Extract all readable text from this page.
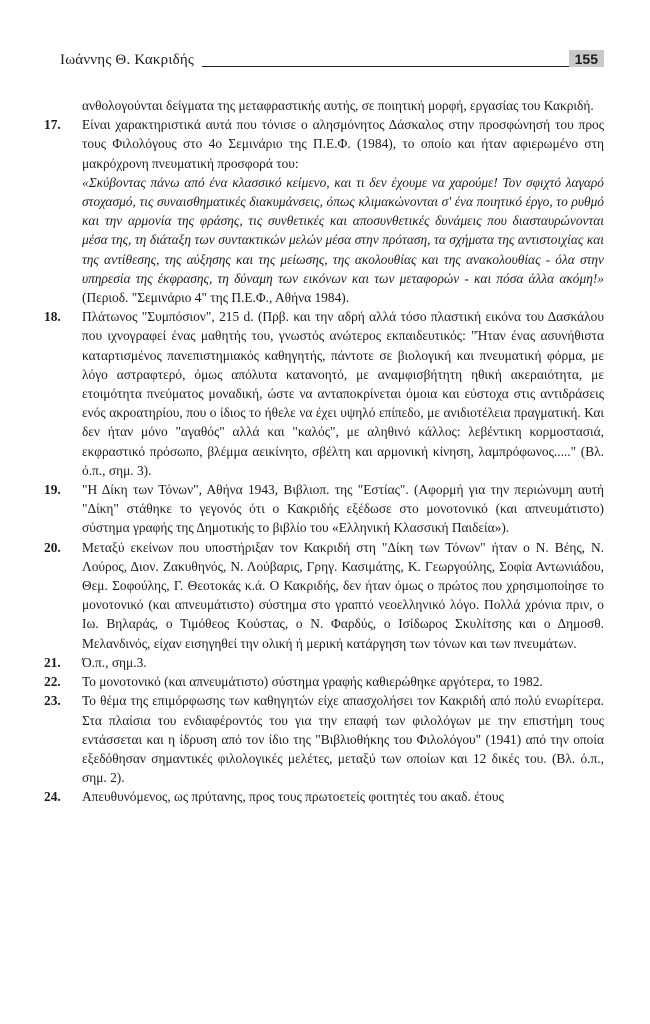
Ιωάννης Θ. Κακριδής	155

ανθολογούνται δείγματα της μεταφραστικής αυτής, σε ποιητική μορφή, εργασίας του Κακριδή.

17.	Είναι χαρακτηριστικά αυτά που τόνισε ο αλησμόνητος Δάσκαλος στην προσφώνησή του προς τους Φιλολόγους στο 4ο Σεμινάριο της Π.Ε.Φ. (1984), το οποίο και ήταν αφιερωμένο στη μακρόχρονη πνευματική προσφορά του:

«Σκύβοντας πάνω από ένα κλασσικό κείμενο, και τι δεν έχουμε να χαρούμε! Τον σφιχτό λαγαρό στοχασμό, τις συναισθηματικές διακυμάνσεις, όπως κλιμακώνονται σ' ένα ποιητικό έργο, το ρυθμό και την αρμονία της φράσης, τις συνθετικές και αποσυνθετικές δυνάμεις που διασταυρώνονται μέσα της, τη διάταξη των συντακτικών μελών μέσα στην πρόταση, τα σχήματα της αντιστοιχίας και της αντίθεσης, της αύξησης και της μείωσης, της ακολουθίας και της ανακολουθίας - όλα στην υπηρεσία της έκφρασης, τη δύναμη των εικόνων και των μεταφορών - και πόσα άλλα ακόμη!» (Περιοδ. "Σεμινάριο 4" της Π.Ε.Φ., Αθήνα 1984).

18.	Πλάτωνος "Συμπόσιον", 215 d. (Πρβ. και την αδρή αλλά τόσο πλαστική εικόνα του Δασκάλου που ιχνογραφεί ένας μαθητής του, γνωστός ανώτερος εκπαιδευτικός: "Ήταν ένας ασυνήθιστα καταρτισμένος πανεπιστημιακός καθηγητής, πάντοτε σε βιολογική και πνευματική φόρμα, με λόγο αστραφτερό, όμως απόλυτα κατανοητό, με αναμφισβήτητη ηθική ακεραιότητα, με ετοιμότητα πνεύματος μοναδική, ώστε να ανταποκρίνεται όμοια και εύστοχα στις αντιδράσεις ενός ακροατηρίου, που ο ίδιος το ήθελε να έχει υψηλό επίπεδο, με ανιδιοτέλεια πραγματική. Και δεν ήταν μόνο "αγαθός" αλλά και "καλός", με αληθινό κάλλος: λεβέντικη κορμοστασιά, εκφραστικό πρόσωπο, βλέμμα αεικίνητο, σβέλτη και αρμονική κίνηση, λαμπρόφωνος....." (Βλ. ό.π., σημ. 3).
19.	"Η Δίκη των Τόνων", Αθήνα 1943, Βιβλιοπ. της "Εστίας". (Αφορμή για την περιώνυμη αυτή "Δίκη" στάθηκε το γεγονός ότι ο Κακριδής εξέδωσε στο μονοτονικό (και απνευμάτιστο) σύστημα γραφής της Δημοτικής το βιβλίο του «Ελληνική Κλασσική Παιδεία»).
20.	Μεταξύ εκείνων που υποστήριξαν τον Κακριδή στη "Δίκη των Τόνων" ήταν ο Ν. Βέης, Ν. Λούρος, Διον. Ζακυθηνός, Ν. Λούβαρις, Γρηγ. Κασιμάτης, Κ. Γεωργούλης, Σοφία Αντωνιάδου, Θεμ. Σοφούλης, Γ. Θεοτοκάς κ.ά. Ο Κακριδής, δεν ήταν όμως ο πρώτος που χρησιμοποίησε το μονοτονικό (και απνευμάτιστο) σύστημα στο γραπτό νεοελληνικό λόγο. Πολλά χρόνια πριν, ο Ιω. Βηλαράς, ο Τιμόθεος Κούστας, ο Ν. Φαρδύς, ο Ισίδωρος Σκυλίτσης και ο Δημοσθ. Μελανδινός, είχαν εισηγηθεί την ολική ή μερική κατάργηση των τόνων και των πνευμάτων.
21.	Ό.π., σημ.3.
22.	Το μονοτονικό (και απνευμάτιστο) σύστημα γραφής καθιερώθηκε αργότερα, το 1982.
23.	Το θέμα της επιμόρφωσης των καθηγητών είχε απασχολήσει τον Κακριδή από πολύ ενωρίτερα. Στα πλαίσια του ενδιαφέροντός του για την επαφή των φιλολόγων με την επιστήμη τους εντάσσεται και η ίδρυση από τον ίδιο της "Βιβλιοθήκης του Φιλολόγου" (1941) από την οποία εξεδόθησαν σημαντικές φιλολογικές μελέτες, μεταξύ των οποίων και 12 δικές του. (Βλ. ό.π., σημ. 2).
24.	Απευθυνόμενος, ως πρύτανης, προς τους πρωτοετείς φοιτητές του ακαδ. έτους
